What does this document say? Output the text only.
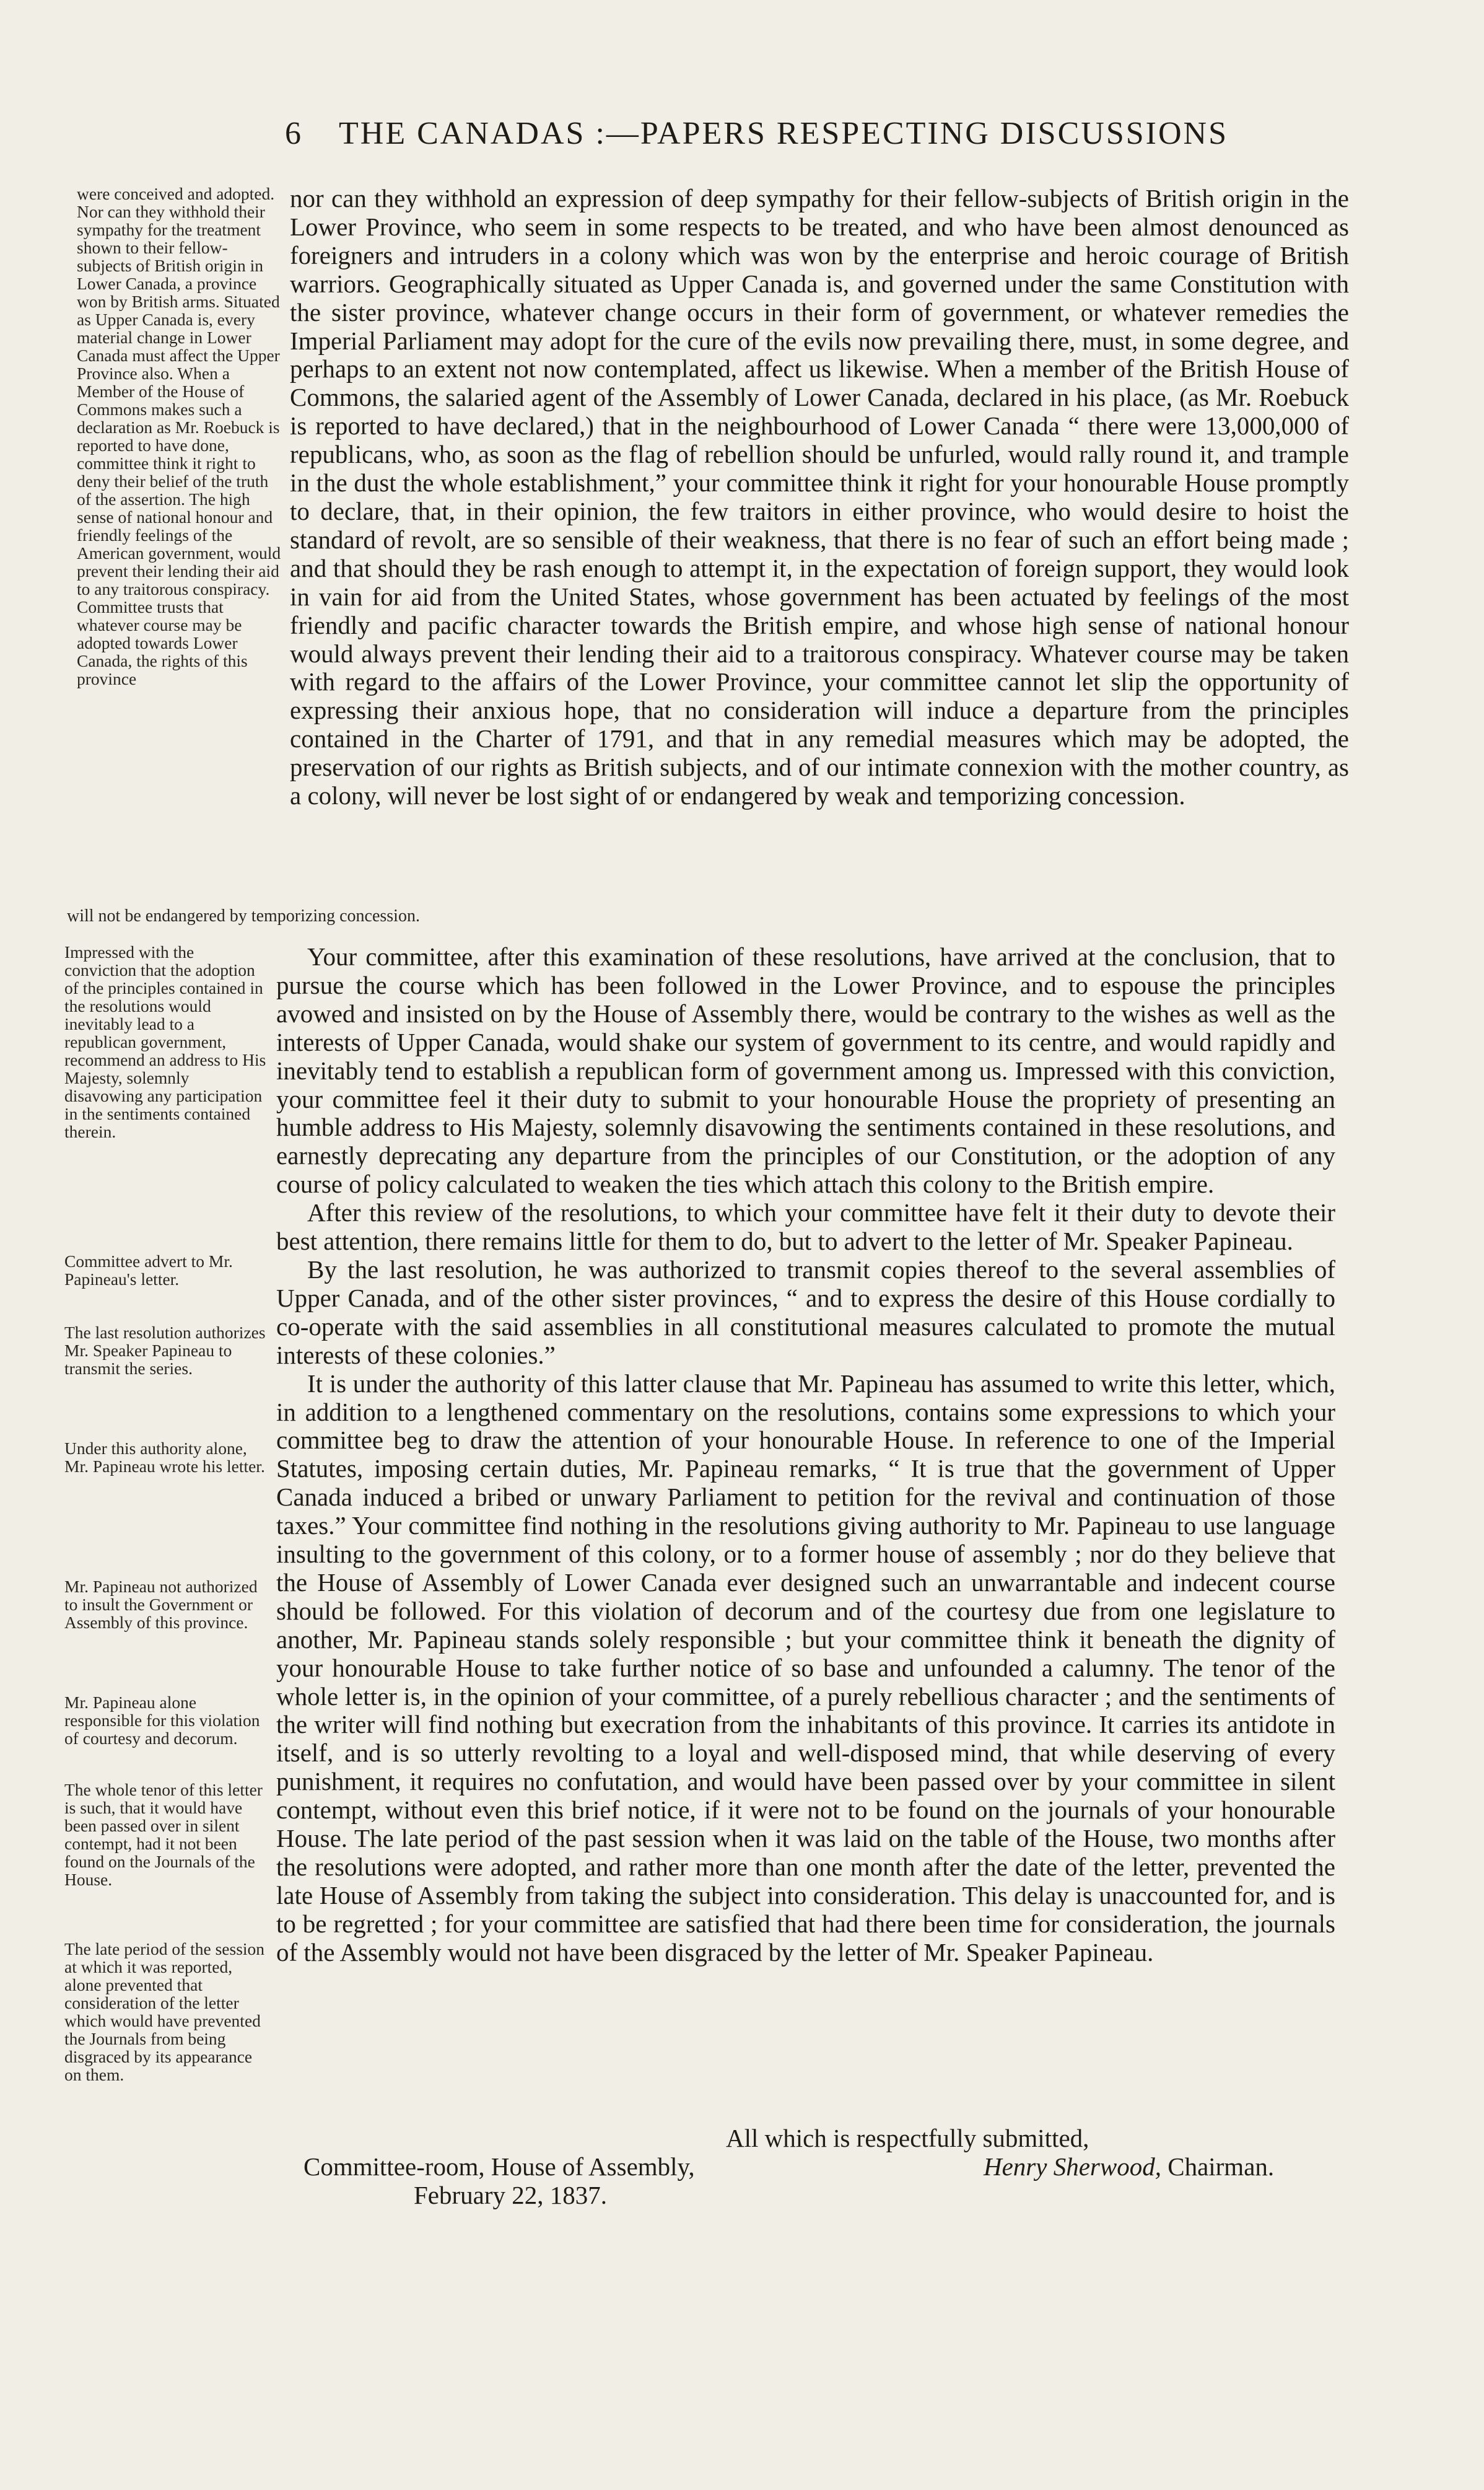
6 THE CANADAS :—PAPERS RESPECTING DISCUSSIONS
were conceived and adopted. Nor can they withhold their sympathy for the treatment shown to their fellow-subjects of British origin in Lower Canada, a province won by British arms. Situated as Upper Canada is, every material change in Lower Canada must affect the Upper Province also. When a Member of the House of Commons makes such a declaration as Mr. Roebuck is reported to have done, committee think it right to deny their belief of the truth of the assertion. The high sense of national honour and friendly feelings of the American government, would prevent their lending their aid to any traitorous conspiracy. Committee trusts that whatever course may be adopted towards Lower Canada, the rights of this province

nor can they withhold an expression of deep sympathy for their fellow-subjects of British origin in the Lower Province, who seem in some respects to be treated, and who have been almost denounced as foreigners and intruders in a colony which was won by the enterprise and heroic courage of British warriors. Geographically situated as Upper Canada is, and governed under the same Constitution with the sister province, whatever change occurs in their form of government, or whatever remedies the Imperial Parliament may adopt for the cure of the evils now prevailing there, must, in some degree, and perhaps to an extent not now contemplated, affect us likewise. When a member of the British House of Commons, the salaried agent of the Assembly of Lower Canada, declared in his place, (as Mr. Roebuck is reported to have declared,) that in the neighbourhood of Lower Canada “ there were 13,000,000 of republicans, who, as soon as the flag of rebellion should be unfurled, would rally round it, and trample in the dust the whole establishment,” your committee think it right for your honourable House promptly to declare, that, in their opinion, the few traitors in either province, who would desire to hoist the standard of revolt, are so sensible of their weakness, that there is no fear of such an effort being made ; and that should they be rash enough to attempt it, in the expectation of foreign support, they would look in vain for aid from the United States, whose government has been actuated by feelings of the most friendly and pacific character towards the British empire, and whose high sense of national honour would always prevent their lending their aid to a traitorous conspiracy. Whatever course may be taken with regard to the affairs of the Lower Province, your committee cannot let slip the opportunity of expressing their anxious hope, that no consideration will induce a departure from the principles contained in the Charter of 1791, and that in any remedial measures which may be adopted, the preservation of our rights as British subjects, and of our intimate connexion with the mother country, as a colony, will never be lost sight of or endangered by weak and temporizing concession.

will not be endangered by temporizing concession.
Impressed with the conviction that the adoption of the principles contained in the resolutions would inevitably lead to a republican government, recommend an address to His Majesty, solemnly disavowing any participation in the sentiments contained therein.
Committee advert to Mr. Papineau's letter.
The last resolution authorizes Mr. Speaker Papineau to transmit the series.
Under this authority alone, Mr. Papineau wrote his letter.
Mr. Papineau not authorized to insult the Government or Assembly of this province.
Mr. Papineau alone responsible for this violation of courtesy and decorum.
The whole tenor of this letter is such, that it would have been passed over in silent contempt, had it not been found on the Journals of the House.
The late period of the session at which it was reported, alone prevented that consideration of the letter which would have prevented the Journals from being disgraced by its appearance on them.

Your committee, after this examination of these resolutions, have arrived at the conclusion, that to pursue the course which has been followed in the Lower Province, and to espouse the principles avowed and insisted on by the House of Assembly there, would be contrary to the wishes as well as the interests of Upper Canada, would shake our system of government to its centre, and would rapidly and inevitably tend to establish a republican form of government among us. Impressed with this conviction, your committee feel it their duty to submit to your honourable House the propriety of presenting an humble address to His Majesty, solemnly disavowing the sentiments contained in these resolutions, and earnestly deprecating any departure from the principles of our Constitution, or the adoption of any course of policy calculated to weaken the ties which attach this colony to the British empire.

After this review of the resolutions, to which your committee have felt it their duty to devote their best attention, there remains little for them to do, but to advert to the letter of Mr. Speaker Papineau.

By the last resolution, he was authorized to transmit copies thereof to the several assemblies of Upper Canada, and of the other sister provinces, “ and to express the desire of this House cordially to co-operate with the said assemblies in all constitutional measures calculated to promote the mutual interests of these colonies.”

It is under the authority of this latter clause that Mr. Papineau has assumed to write this letter, which, in addition to a lengthened commentary on the resolutions, contains some expressions to which your committee beg to draw the attention of your honourable House. In reference to one of the Imperial Statutes, imposing certain duties, Mr. Papineau remarks, “ It is true that the government of Upper Canada induced a bribed or unwary Parliament to petition for the revival and continuation of those taxes.” Your committee find nothing in the resolutions giving authority to Mr. Papineau to use language insulting to the government of this colony, or to a former house of assembly ; nor do they believe that the House of Assembly of Lower Canada ever designed such an unwarrantable and indecent course should be followed. For this violation of decorum and of the courtesy due from one legislature to another, Mr. Papineau stands solely responsible ; but your committee think it beneath the dignity of your honourable House to take further notice of so base and unfounded a calumny. The tenor of the whole letter is, in the opinion of your committee, of a purely rebellious character ; and the sentiments of the writer will find nothing but execration from the inhabitants of this province. It carries its antidote in itself, and is so utterly revolting to a loyal and well-disposed mind, that while deserving of every punishment, it requires no confutation, and would have been passed over by your committee in silent contempt, without even this brief notice, if it were not to be found on the journals of your honourable House. The late period of the past session when it was laid on the table of the House, two months after the resolutions were adopted, and rather more than one month after the date of the letter, prevented the late House of Assembly from taking the subject into consideration. This delay is unaccounted for, and is to be regretted ; for your committee are satisfied that had there been time for consideration, the journals of the Assembly would not have been disgraced by the letter of Mr. Speaker Papineau.

All which is respectfully submitted,
Committee-room, House of Assembly,	Henry Sherwood, Chairman.
February 22, 1837.
